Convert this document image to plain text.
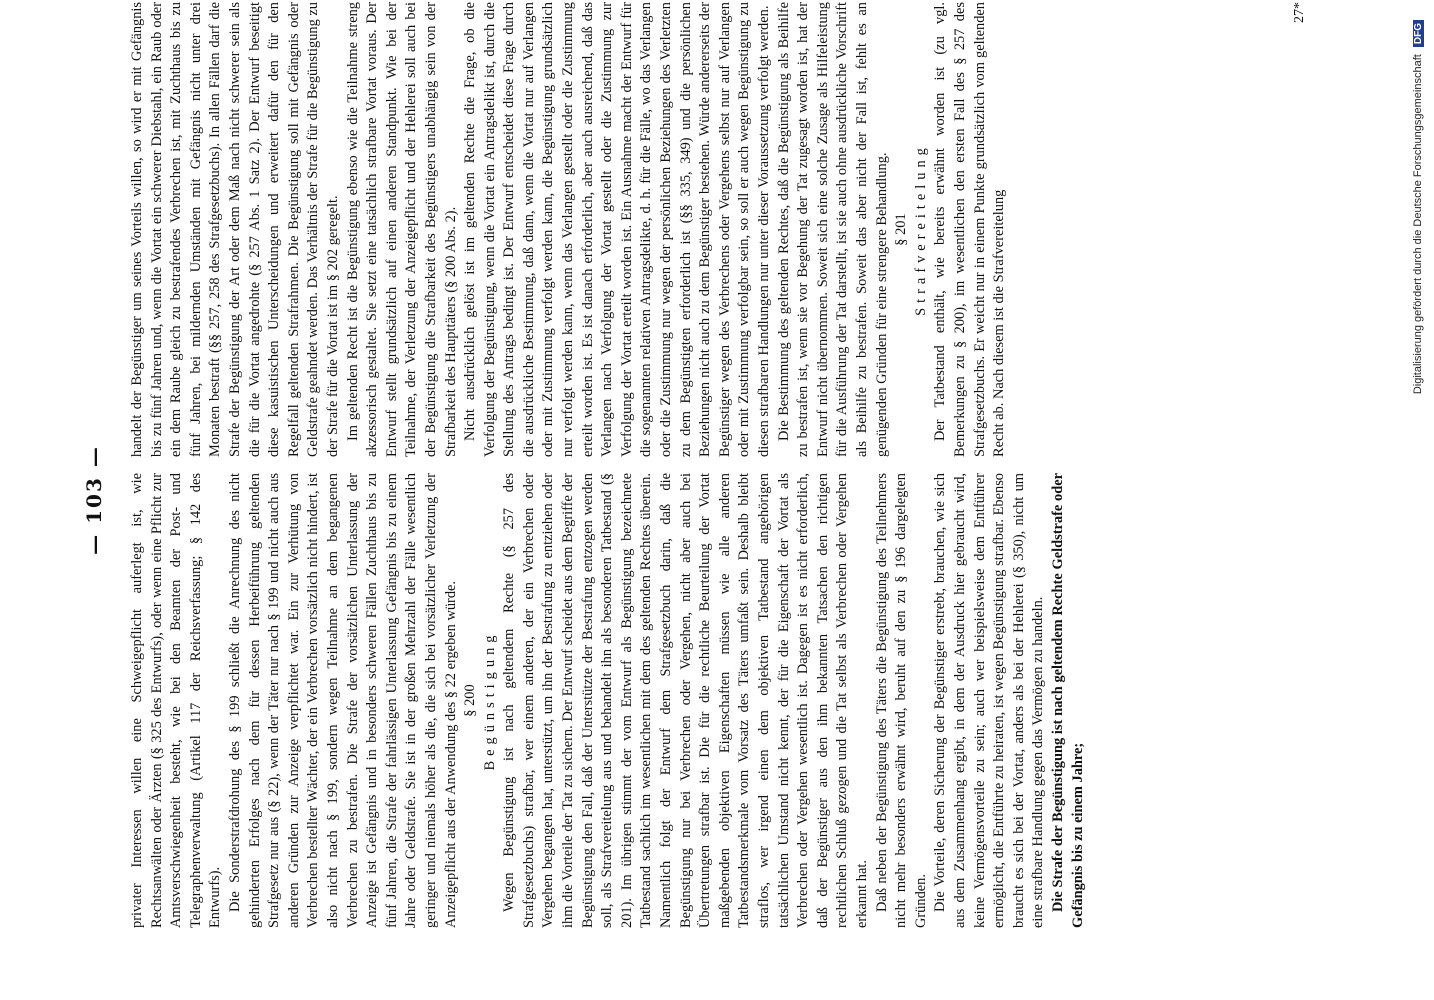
— 103 — privater Interessen willen eine Schweigepflicht auferlegt ist, wie Rechtsanwälten oder Ärzten (§ 325 des Entwurfs), oder wenn eine Pflicht zur Amtsverschwiegenheit besteht, wie bei den Beamten der Post- und Telegraphenverwaltung (Artikel 117 der Reichsverfassung; § 142 des Entwurfs). Die Sonderstrafdrohung des § 199 schließt die Anrechnung des nicht gehinderten Erfolges nach dem für dessen Herbeiführung geltenden Strafgesetz nur aus (§ 22), wenn der Täter nur nach § 199 und nicht auch aus anderen Gründen zur Anzeige verpflichtet war. Ein zur Verhütung von Verbrechen bestellter Wächter, der ein Verbrechen vorsätzlich nicht hindert, ist also nicht nach § 199, sondern wegen Teilnahme an dem begangenen Verbrechen zu bestrafen. Die Strafe der vorsätzlichen Unterlassung der Anzeige ist Gefängnis und in besonders schweren Fällen Zuchthaus bis zu fünf Jahren, die Strafe der fahrlässigen Unterlassung Gefängnis bis zu einem Jahre oder Geldstrafe. Sie ist in der großen Mehrzahl der Fälle wesentlich geringer und niemals höher als die, die sich bei vorsätzlicher Verletzung der Anzeigepflicht aus der Anwendung des § 22 ergeben würde. § 200 Begünstigung Wegen Begünstigung ist nach geltendem Rechte (§ 257 des Strafgesetzbuchs) strafbar, wer einem anderen, der ein Verbrechen oder Vergehen begangen hat, unterstützt, um ihn der Bestrafung zu entziehen oder ihm die Vorteile der Tat zu sichern. Der Entwurf scheidet aus dem Begriffe der Begünstigung den Fall, daß der Unterstützte der Bestrafung entzogen werden soll, als Strafvereitelung aus und behandelt ihn als besonderen Tatbestand (§ 201). Im übrigen stimmt der vom Entwurf als Begünstigung bezeichnete Tatbestand sachlich im wesentlichen mit dem des geltenden Rechtes überein. Namentlich folgt der Entwurf dem Strafgesetzbuch darin, daß die Begünstigung nur bei Verbrechen oder Vergehen, nicht aber auch bei Übertretungen strafbar ist. Die für die rechtliche Beurteilung der Vortat maßgebenden objektiven Eigenschaften müssen wie alle anderen Tatbestandsmerkmale vom Vorsatz des Täters umfaßt sein. Deshalb bleibt straflos, wer irgend einen dem objektiven Tatbestand angehörigen tatsächlichen Umstand nicht kennt, der für die Eigenschaft der Vortat als Verbrechen oder Vergehen wesentlich ist. Dagegen ist es nicht erforderlich, daß der Begünstiger aus den ihm bekannten Tatsachen den richtigen rechtlichen Schluß gezogen und die Tat selbst als Verbrechen oder Vergehen erkannt hat. Daß neben der Begünstigung des Täters die Begünstigung des Teilnehmers nicht mehr besonders erwähnt wird, beruht auf den zu § 196 dargelegten Gründen. Die Vorteile, deren Sicherung der Begünstiger erstrebt, brauchen, wie sich aus dem Zusammenhang ergibt, in dem der Ausdruck hier gebraucht wird, keine Vermögensvorteile zu sein; auch wer beispielsweise dem Entführer ermöglicht, die Entführte zu heiraten, ist wegen Begünstigung strafbar. Ebenso braucht es sich bei der Vortat, anders als bei der Hehlerei (§ 350), nicht um eine strafbare Handlung gegen das Vermögen zu handeln. Die Strafe der Begünstigung ist nach geltendem Rechte Geldstrafe oder Gefängnis bis zu einem Jahre;

handelt der Begünstiger um seines Vorteils willen, so wird er mit Gefängnis bis zu fünf Jahren und, wenn die Vortat ein schwerer Diebstahl, ein Raub oder ein dem Raube gleich zu bestrafendes Verbrechen ist, mit Zuchthaus bis zu fünf Jahren, bei mildernden Umständen mit Gefängnis nicht unter drei Monaten bestraft (§§ 257, 258 des Strafgesetzbuchs). In allen Fällen darf die Strafe der Begünstigung der Art oder dem Maß nach nicht schwerer sein als die für die Vortat angedrohte (§ 257 Abs. 1 Satz 2). Der Entwurf beseitigt diese kasuistischen Unterscheidungen und erweitert dafür den für den Regelfall geltenden Strafrahmen. Die Begünstigung soll mit Gefängnis oder Geldstrafe geahndet werden. Das Verhältnis der Strafe für die Begünstigung zu der Strafe für die Vortat ist im § 202 geregelt. Im geltenden Recht ist die Begünstigung ebenso wie die Teilnahme streng akzessorisch gestaltet. Sie setzt eine tatsächlich strafbare Vortat voraus. Der Entwurf stellt grundsätzlich auf einen anderen Standpunkt. Wie bei der Teilnahme, der Verletzung der Anzeigepflicht und der Hehlerei soll auch bei der Begünstigung die Strafbarkeit des Begünstigers unabhängig sein von der Strafbarkeit des Haupttäters (§ 200 Abs. 2). Nicht ausdrücklich gelöst ist im geltenden Rechte die Frage, ob die Verfolgung der Begünstigung, wenn die Vortat ein Antragsdelikt ist, durch die Stellung des Antrags bedingt ist. Der Entwurf entscheidet diese Frage durch die ausdrückliche Bestimmung, daß dann, wenn die Vortat nur auf Verlangen oder mit Zustimmung verfolgt werden kann, die Begünstigung grundsätzlich nur verfolgt werden kann, wenn das Verlangen gestellt oder die Zustimmung erteilt worden ist. Es ist danach erforderlich, aber auch ausreichend, daß das Verlangen nach Verfolgung der Vortat gestellt oder die Zustimmung zur Verfolgung der Vortat erteilt worden ist. Ein Ausnahme macht der Entwurf für die sogenannten relativen Antragsdelikte, d. h. für die Fälle, wo das Verlangen oder die Zustimmung nur wegen der persönlichen Beziehungen des Verletzten zu dem Begünstigten erforderlich ist (§§ 335, 349) und die persönlichen Beziehungen nicht auch zu dem Begünstiger bestehen. Würde andererseits der Begünstiger wegen des Verbrechens oder Vergehens selbst nur auf Verlangen oder mit Zustimmung verfolgbar sein, so soll er auch wegen Begünstigung zu diesen strafbaren Handlungen nur unter dieser Voraussetzung verfolgt werden. Die Bestimmung des geltenden Rechtes, daß die Begünstigung als Beihilfe zu bestrafen ist, wenn sie vor Begehung der Tat zugesagt worden ist, hat der Entwurf nicht übernommen. Soweit sich eine solche Zusage als Hilfeleistung für die Ausführung der Tat darstellt, ist sie auch ohne ausdrückliche Vorschrift als Beihilfe zu bestrafen. Soweit das aber nicht der Fall ist, fehlt es an genügenden Gründen für eine strengere Behandlung. § 201 Strafvereitelung Der Tatbestand enthält, wie bereits erwähnt worden ist (zu vgl. Bemerkungen zu § 200), im wesentlichen den ersten Fall des § 257 des Strafgesetzbuchs. Er weicht nur in einem Punkte grundsätzlich vom geltenden Recht ab. Nach diesem ist die Strafvereitelung

27*
Digitalisierung gefördert durch die Deutsche Forschungsgemeinschaft DFG
